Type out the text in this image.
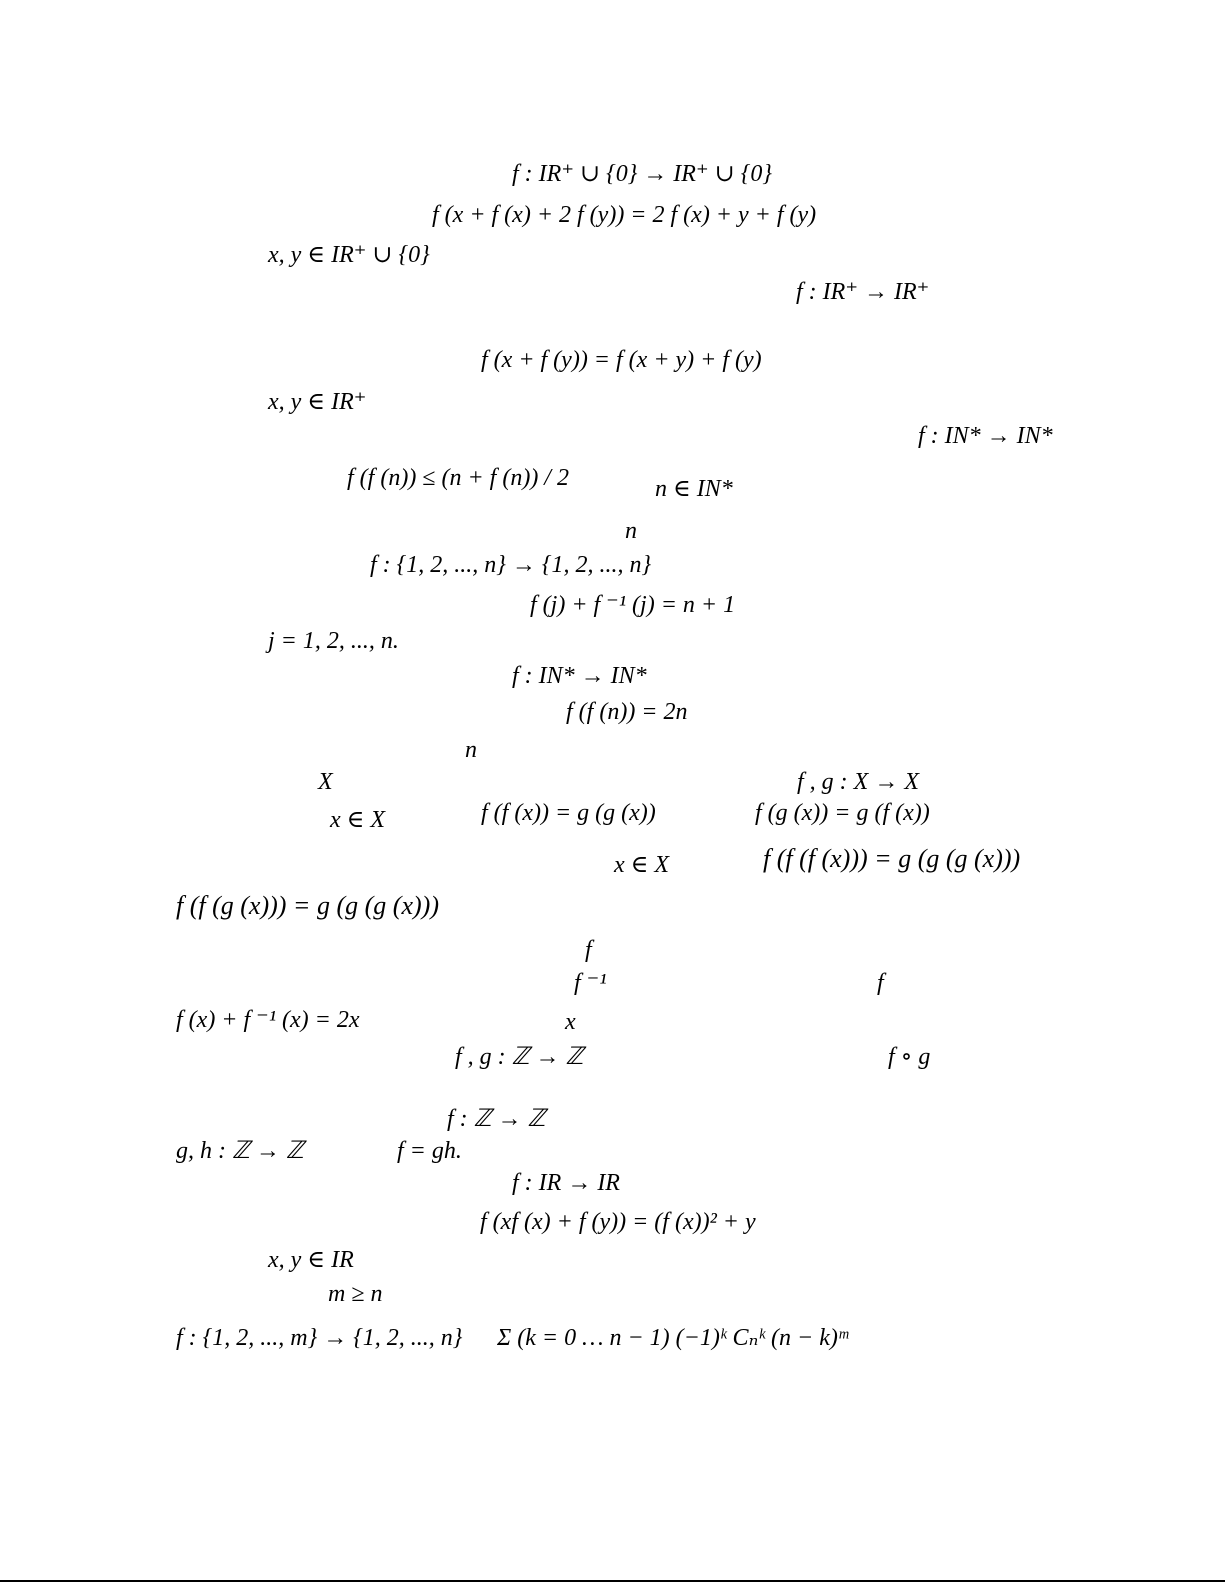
f : IR⁺ ∪ {0} → IR⁺ ∪ {0}
f (x + f (x) + 2 f (y)) = 2 f (x) + y + f (y)
x, y ∈ IR⁺ ∪ {0}
f : IR⁺ → IR⁺
f (x + f (y)) = f (x + y) + f (y)
x, y ∈ IR⁺
f : IN* → IN*
f (f (n)) ≤ (n + f (n)) / 2	n ∈ IN*
n
f : {1, 2, ..., n} → {1, 2, ..., n}
f (j) + f ⁻¹ (j) = n + 1
j = 1, 2, ..., n.
f : IN* → IN*
f (f (n)) = 2n
n
X	f , g : X → X
x ∈ X	f (f (x)) = g (g (x))	f (g (x)) = g (f (x))
x ∈ X	f (f (f (x))) = g (g (g (x)))
f (f (g (x))) = g (g (g (x)))
f
f ⁻¹	f
f (x) + f ⁻¹ (x) = 2x	x
f , g : ℤ → ℤ	f ∘ g
f : ℤ → ℤ
g, h : ℤ → ℤ	f = gh.
f : IR → IR
f (xf (x) + f (y)) = (f (x))² + y
x, y ∈ IR
m ≥ n
f : {1, 2, ..., m} → {1, 2, ..., n} Σ (k = 0 … n − 1) (−1)ᵏ Cₙᵏ (n − k)ᵐ
